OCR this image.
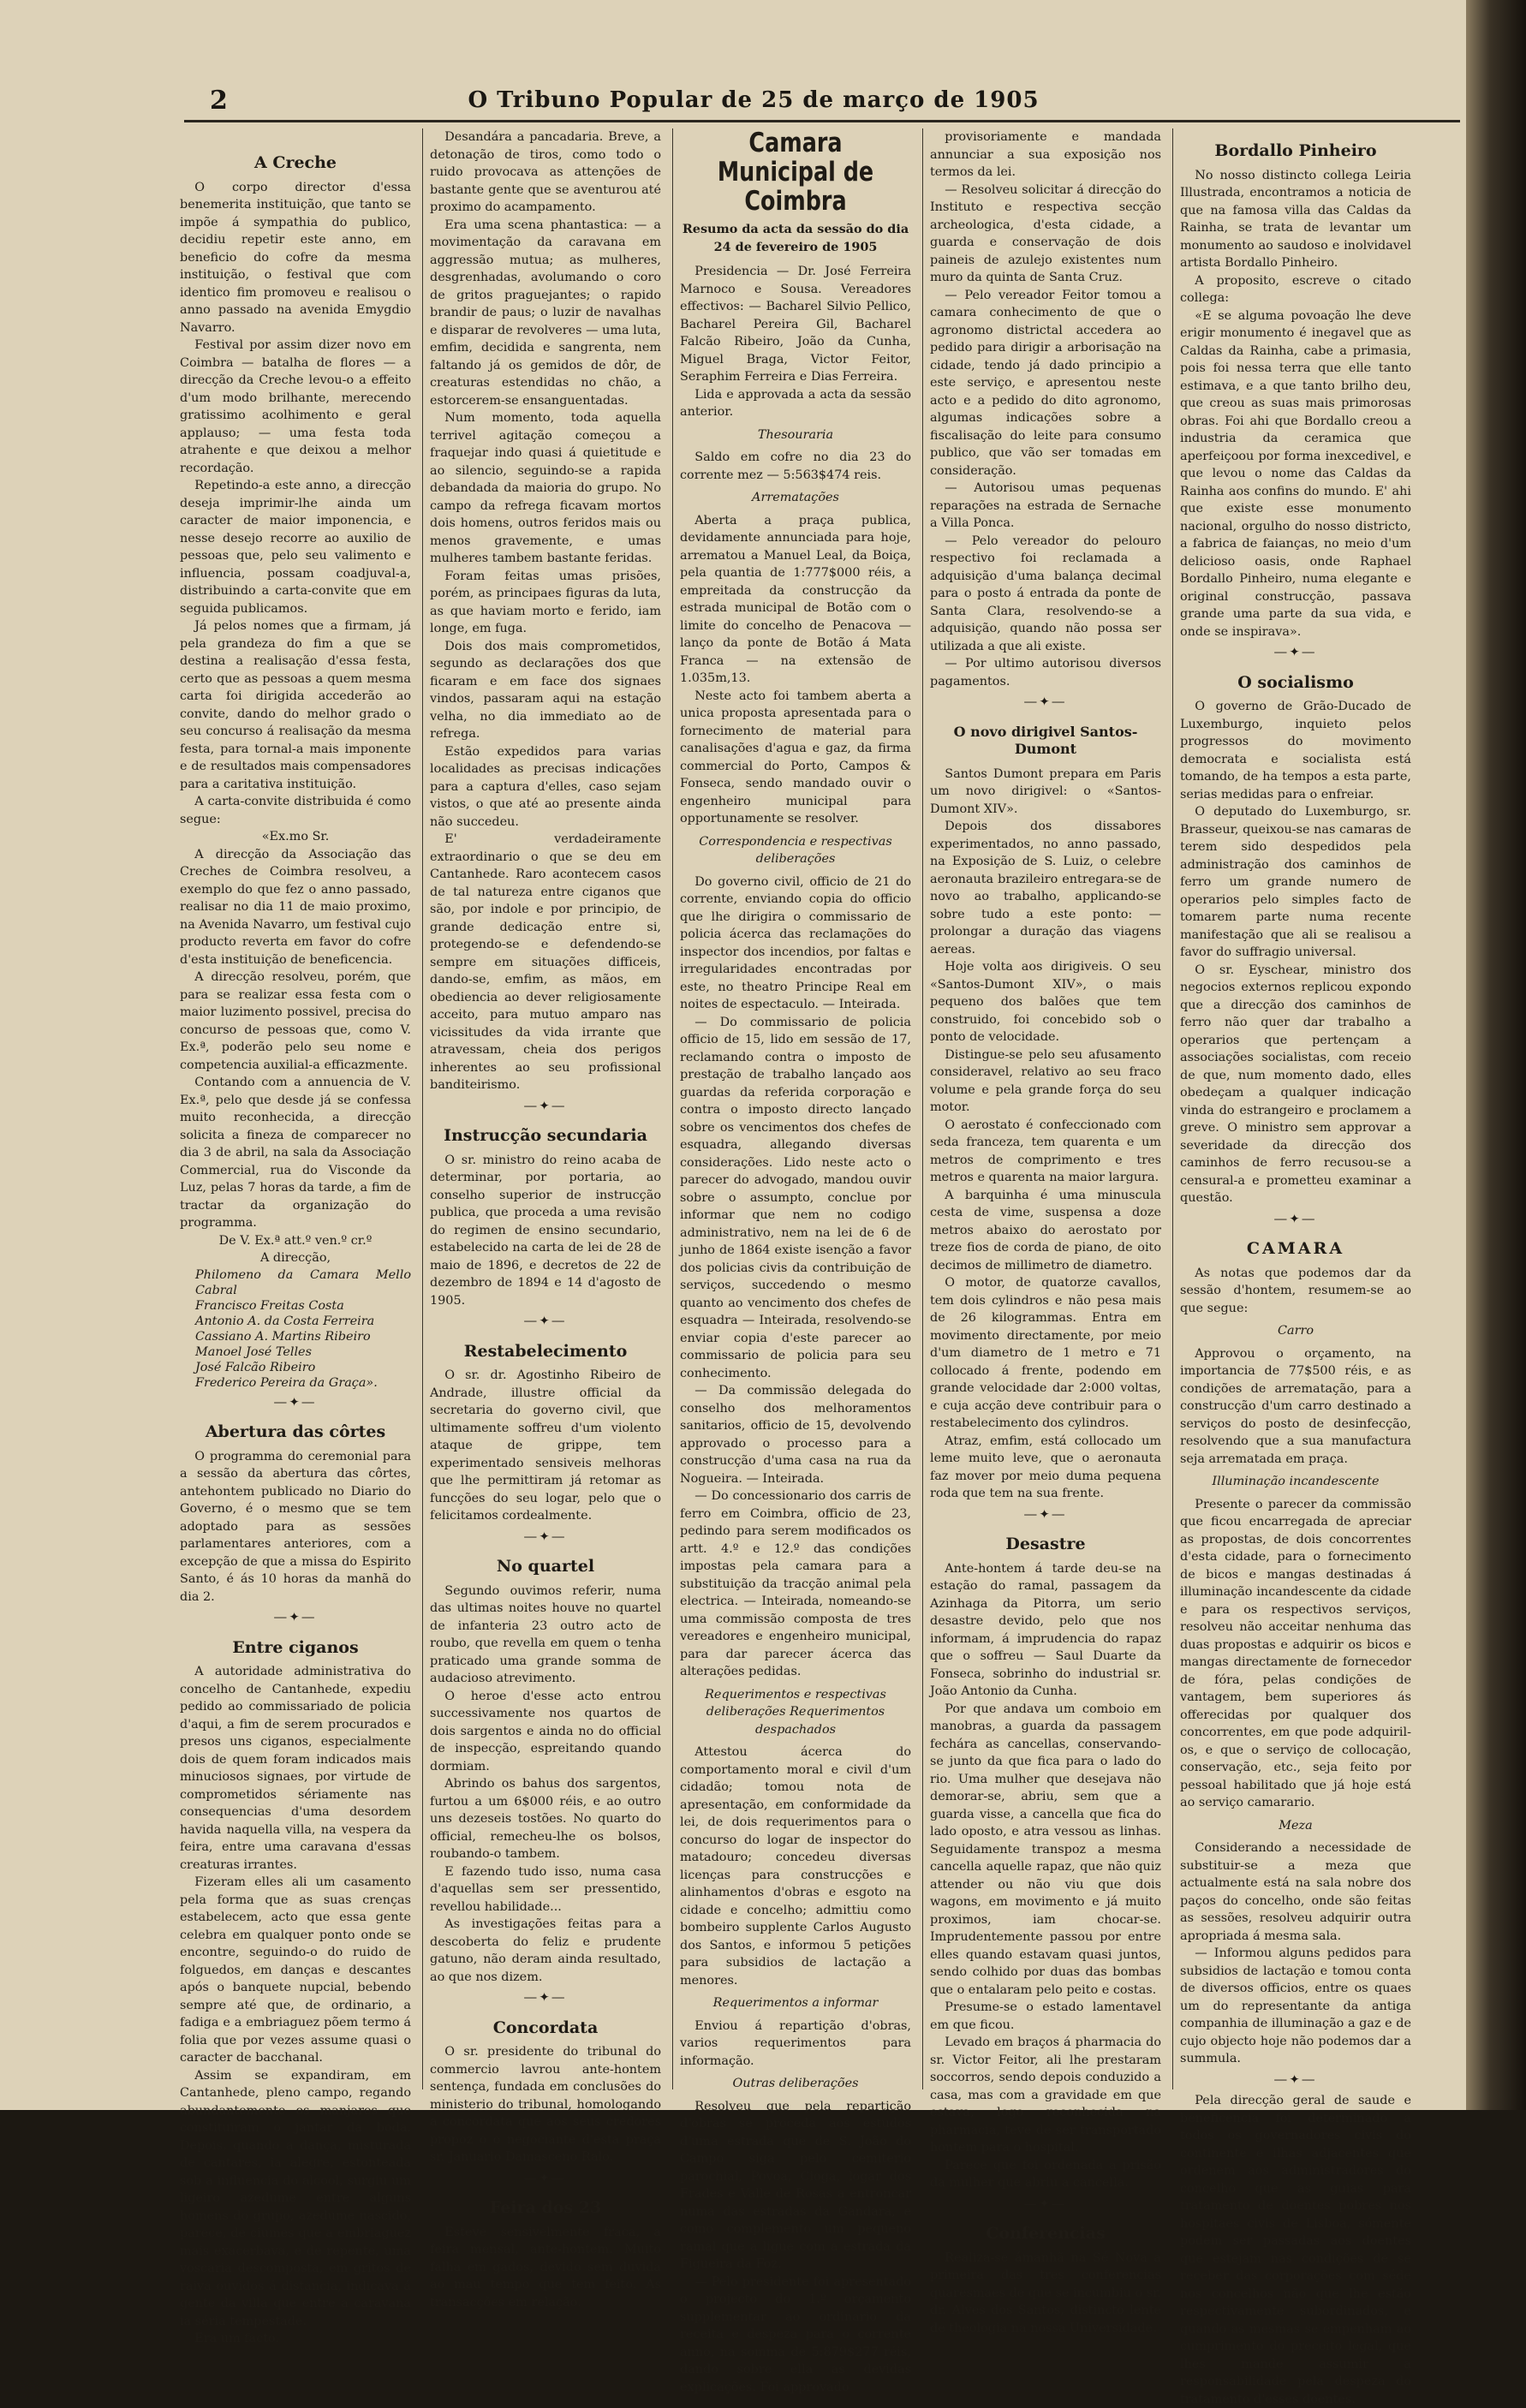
2	O Tribuno Popular de 25 de março de 1905
A Creche

O corpo director d'essa benemerita instituição, que tanto se impõe á sympathia do publico, decidiu repetir este anno, em beneficio do cofre da mesma instituição, o festival que com identico fim promoveu e realisou o anno passado na avenida Emygdio Navarro.

Festival por assim dizer novo em Coimbra — batalha de flores — a direcção da Creche levou-o a effeito d'um modo brilhante, merecendo gratissimo acolhimento e geral applauso; — uma festa toda atrahente e que deixou a melhor recordação.

Repetindo-a este anno, a direcção deseja imprimir-lhe ainda um caracter de maior imponencia, e nesse desejo recorre ao auxilio de pessoas que, pelo seu valimento e influencia, possam coadjuval-a, distribuindo a carta-convite que em seguida publicamos.

Já pelos nomes que a firmam, já pela grandeza do fim a que se destina a realisação d'essa festa, certo que as pessoas a quem mesma carta foi dirigida accederão ao convite, dando do melhor grado o seu concurso á realisação da mesma festa, para tornal-a mais imponente e de resultados mais compensadores para a caritativa instituição.

A carta-convite distribuida é como segue:

«Ex.mo Sr.

A direcção da Associação das Creches de Coimbra resolveu, a exemplo do que fez o anno passado, realisar no dia 11 de maio proximo, na Avenida Navarro, um festival cujo producto reverta em favor do cofre d'esta instituição de beneficencia.

A direcção resolveu, porém, que para se realizar essa festa com o maior luzimento possivel, precisa do concurso de pessoas que, como V. Ex.ª, poderão pelo seu nome e competencia auxilial-a efficazmente.

Contando com a annuencia de V. Ex.ª, pelo que desde já se confessa muito reconhecida, a direcção solicita a fineza de comparecer no dia 3 de abril, na sala da Associação Commercial, rua do Visconde da Luz, pelas 7 horas da tarde, a fim de tractar da organização do programma.

De V. Ex.ª att.º ven.º cr.º
A direcção,
Philomeno da Camara Mello Cabral
Francisco Freitas Costa
Antonio A. da Costa Ferreira
Cassiano A. Martins Ribeiro
Manoel José Telles
José Falcão Ribeiro
Frederico Pereira da Graça».
―✦―
Abertura das côrtes

O programma do ceremonial para a sessão da abertura das côrtes, antehontem publicado no Diario do Governo, é o mesmo que se tem adoptado para as sessões parlamentares anteriores, com a excepção de que a missa do Espirito Santo, é ás 10 horas da manhã do dia 2.

―✦―
Entre ciganos

A autoridade administrativa do concelho de Cantanhede, expediu pedido ao commissariado de policia d'aqui, a fim de serem procurados e presos uns ciganos, especialmente dois de quem foram indicados mais minuciosos signaes, por virtude de comprometidos sériamente nas consequencias d'uma desordem havida naquella villa, na vespera da feira, entre uma caravana d'essas creaturas irrantes.

Fizeram elles ali um casamento pela forma que as suas crenças estabelecem, acto que essa gente celebra em qualquer ponto onde se encontre, seguindo-o do ruido de folguedos, em danças e descantes após o banquete nupcial, bebendo sempre até que, de ordinario, a fadiga e a embriaguez põem termo á folia que por vezes assume quasi o caracter de bacchanal.

Assim se expandiram, em Cantanhede, pleno campo, regando abundantemente os manjares que constituiram o jantar da boda. Depois, quando a dança, misturada de cantares, ia alegre, estonteada sob a influencia do alcool, surgiu um ligeiro azedume entre alguns homens do grupo, azedume nascido, parece, de ciumes que a embriaguez mais exacerbava, e de repente, uma voscaria descomposta, em gritos de raiva ouvidos á distancia, indicava á gente da villa que entre a caravana ia séria tempestade.

Era um facto.

Desandára a pancadaria. Breve, a detonação de tiros, como todo o ruido provocava as attenções de bastante gente que se aventurou até proximo do acampamento.

Era uma scena phantastica: — a movimentação da caravana em aggressão mutua; as mulheres, desgrenhadas, avolumando o coro de gritos praguejantes; o rapido brandir de paus; o luzir de navalhas e disparar de revolveres — uma luta, emfim, decidida e sangrenta, nem faltando já os gemidos de dôr, de creaturas estendidas no chão, a estorcerem-se ensanguentadas.

Num momento, toda aquella terrivel agitação começou a fraquejar indo quasi á quietitude e ao silencio, seguindo-se a rapida debandada da maioria do grupo. No campo da refrega ficavam mortos dois homens, outros feridos mais ou menos gravemente, e umas mulheres tambem bastante feridas.

Foram feitas umas prisões, porém, as principaes figuras da luta, as que haviam morto e ferido, iam longe, em fuga.

Dois dos mais comprometidos, segundo as declarações dos que ficaram e em face dos signaes vindos, passaram aqui na estação velha, no dia immediato ao de refrega.

Estão expedidos para varias localidades as precisas indicações para a captura d'elles, caso sejam vistos, o que até ao presente ainda não succedeu.

E' verdadeiramente extraordinario o que se deu em Cantanhede. Raro acontecem casos de tal natureza entre ciganos que são, por indole e por principio, de grande dedicação entre si, protegendo-se e defendendo-se sempre em situações difficeis, dando-se, emfim, as mãos, em obediencia ao dever religiosamente acceito, para mutuo amparo nas vicissitudes da vida irrante que atravessam, cheia dos perigos inherentes ao seu profissional banditeirismo.

―✦―
Instrucção secundaria

O sr. ministro do reino acaba de determinar, por portaria, ao conselho superior de instrucção publica, que proceda a uma revisão do regimen de ensino secundario, estabelecido na carta de lei de 28 de maio de 1896, e decretos de 22 de dezembro de 1894 e 14 d'agosto de 1905.

―✦―
Restabelecimento

O sr. dr. Agostinho Ribeiro de Andrade, illustre official da secretaria do governo civil, que ultimamente soffreu d'um violento ataque de grippe, tem experimentado sensiveis melhoras que lhe permittiram já retomar as funcções do seu logar, pelo que o felicitamos cordealmente.

―✦―
No quartel

Segundo ouvimos referir, numa das ultimas noites houve no quartel de infanteria 23 outro acto de roubo, que revella em quem o tenha praticado uma grande somma de audacioso atrevimento.

O heroe d'esse acto entrou successivamente nos quartos de dois sargentos e ainda no do official de inspecção, espreitando quando dormiam.

Abrindo os bahus dos sargentos, furtou a um 6$000 réis, e ao outro uns dezeseis tostões. No quarto do official, remecheu-lhe os bolsos, roubando-o tambem.

E fazendo tudo isso, numa casa d'aquellas sem ser pressentido, revellou habilidade...

As investigações feitas para a descoberta do feliz e prudente gatuno, não deram ainda resultado, ao que nos dizem.

―✦―
Concordata

O sr. presidente do tribunal do commercio lavrou ante-hontem sentença, fundada em conclusões do ministerio do tribunal, homologando a concordata que aos seus credores propoz o o negociante d'esta praça sr. Januario Damasceno Ralo.

―✦―
Feira dos 23

Esteve sensivelmente fraca, a feira mensal, ante-hontem. Muito falha em gados, devido sem duvida ao mau tempo que tem feito. As transacções em relação.

Camara Municipal de Coimbra
Resumo da acta da sessão do dia 24 de fevereiro de 1905

Presidencia — Dr. José Ferreira Marnoco e Sousa. Vereadores effectivos: — Bacharel Silvio Pellico, Bacharel Pereira Gil, Bacharel Falcão Ribeiro, João da Cunha, Miguel Braga, Victor Feitor, Seraphim Ferreira e Dias Ferreira.

Lida e approvada a acta da sessão anterior.

Thesouraria

Saldo em cofre no dia 23 do corrente mez — 5:563$474 reis.

Arrematações

Aberta a praça publica, devidamente annunciada para hoje, arrematou a Manuel Leal, da Boiça, pela quantia de 1:777$000 réis, a empreitada da construcção da estrada municipal de Botão com o limite do concelho de Penacova — lanço da ponte de Botão á Mata Franca — na extensão de 1.035m,13.

Neste acto foi tambem aberta a unica proposta apresentada para o fornecimento de material para canalisações d'agua e gaz, da firma commercial do Porto, Campos & Fonseca, sendo mandado ouvir o engenheiro municipal para opportunamente se resolver.

Correspondencia e respectivas deliberações

Do governo civil, officio de 21 do corrente, enviando copia do officio que lhe dirigira o commissario de policia ácerca das reclamações do inspector dos incendios, por faltas e irregularidades encontradas por este, no theatro Principe Real em noites de espectaculo. — Inteirada.

— Do commissario de policia officio de 15, lido em sessão de 17, reclamando contra o imposto de prestação de trabalho lançado aos guardas da referida corporação e contra o imposto directo lançado sobre os vencimentos dos chefes de esquadra, allegando diversas considerações. Lido neste acto o parecer do advogado, mandou ouvir sobre o assumpto, conclue por informar que nem no codigo administrativo, nem na lei de 6 de junho de 1864 existe isenção a favor dos policias civis da contribuição de serviços, succedendo o mesmo quanto ao vencimento dos chefes de esquadra — Inteirada, resolvendo-se enviar copia d'este parecer ao commissario de policia para seu conhecimento.

— Da commissão delegada do conselho dos melhoramentos sanitarios, officio de 15, devolvendo approvado o processo para a construcção d'uma casa na rua da Nogueira. — Inteirada.

— Do concessionario dos carris de ferro em Coimbra, officio de 23, pedindo para serem modificados os artt. 4.º e 12.º das condições impostas pela camara para a substituição da tracção animal pela electrica. — Inteirada, nomeando-se uma commissão composta de tres vereadores e engenheiro municipal, para dar parecer ácerca das alterações pedidas.

Requerimentos e respectivas deliberações Requerimentos despachados

Attestou ácerca do comportamento moral e civil d'um cidadão; tomou nota de apresentação, em conformidade da lei, de dois requerimentos para o concurso do logar de inspector do matadouro; concedeu diversas licenças para construcções e alinhamentos d'obras e esgoto na cidade e concelho; admittiu como bombeiro supplente Carlos Augusto dos Santos, e informou 5 petições para subsidios de lactação a menores.

Requerimentos a informar

Enviou á repartição d'obras, varios requerimentos para informação.

Outras deliberações

Resolveu que pela repartição d'obras se proceda aos estudos d'uma estrada que de S. João do Campo siga pelo cemiterio parochial, Povoa, Cioga, logar dos Frades e Valle de Rosas a entroncar numa das estradas da Gandara, e como complemento um pequeno ramal que a ligue com a estrada da Figueira da Foz.

— Pelo presidente foi apresentado o projecto do 1.º orçamento supplementar ao ordinario da receita e despeza para o corrente anno, na somma de 5:879$277 réis, dando sobre ella as devidas explicações. Foi approvado

provisoriamente e mandada annunciar a sua exposição nos termos da lei.

— Resolveu solicitar á direcção do Instituto e respectiva secção archeologica, d'esta cidade, a guarda e conservação de dois paineis de azulejo existentes num muro da quinta de Santa Cruz.

— Pelo vereador Feitor tomou a camara conhecimento de que o agronomo districtal accedera ao pedido para dirigir a arborisação na cidade, tendo já dado principio a este serviço, e apresentou neste acto e a pedido do dito agronomo, algumas indicações sobre a fiscalisação do leite para consumo publico, que vão ser tomadas em consideração.

— Autorisou umas pequenas reparações na estrada de Sernache a Villa Ponca.

— Pelo vereador do pelouro respectivo foi reclamada a adquisição d'uma balança decimal para o posto á entrada da ponte de Santa Clara, resolvendo-se a adquisição, quando não possa ser utilizada a que ali existe.

— Por ultimo autorisou diversos pagamentos.

―✦―
O novo dirigivel Santos-Dumont

Santos Dumont prepara em Paris um novo dirigivel: o «Santos-Dumont XIV».

Depois dos dissabores experimentados, no anno passado, na Exposição de S. Luiz, o celebre aeronauta brazileiro entregara-se de novo ao trabalho, applicando-se sobre tudo a este ponto: — prolongar a duração das viagens aereas.

Hoje volta aos dirigiveis. O seu «Santos-Dumont XIV», o mais pequeno dos balões que tem construido, foi concebido sob o ponto de velocidade.

Distingue-se pelo seu afusamento consideravel, relativo ao seu fraco volume e pela grande força do seu motor.

O aerostato é confeccionado com seda franceza, tem quarenta e um metros de comprimento e tres metros e quarenta na maior largura.

A barquinha é uma minuscula cesta de vime, suspensa a doze metros abaixo do aerostato por treze fios de corda de piano, de oito decimos de millimetro de diametro.

O motor, de quatorze cavallos, tem dois cylindros e não pesa mais de 26 kilogrammas. Entra em movimento directamente, por meio d'um diametro de 1 metro e 71 collocado á frente, podendo em grande velocidade dar 2:000 voltas, e cuja acção deve contribuir para o restabelecimento dos cylindros.

Atraz, emfim, está collocado um leme muito leve, que o aeronauta faz mover por meio duma pequena roda que tem na sua frente.

―✦―
Desastre

Ante-hontem á tarde deu-se na estação do ramal, passagem da Azinhaga da Pitorra, um serio desastre devido, pelo que nos informam, á imprudencia do rapaz que o soffreu — Saul Duarte da Fonseca, sobrinho do industrial sr. João Antonio da Cunha.

Por que andava um comboio em manobras, a guarda da passagem fechára as cancellas, conservando-se junto da que fica para o lado do rio. Uma mulher que desejava não demorar-se, abriu, sem que a guarda visse, a cancella que fica do lado oposto, e atra vessou as linhas. Seguidamente transpoz a mesma cancella aquelle rapaz, que não quiz attender ou não viu que dois wagons, em movimento e já muito proximos, iam chocar-se. Imprudentemente passou por entre elles quando estavam quasi juntos, sendo colhido por duas das bombas que o entalaram pelo peito e costas.

Presume-se o estado lamentavel em que ficou.

Levado em braços á pharmacia do sr. Victor Feitor, ali lhe prestaram soccorros, sendo depois conduzido a casa, mas com a gravidade em que estava, logo reconhecida na pharmacia, teve de ser transportado hontem para o hospital.

Parece que foi ordenada a prisão da mulher que abriu a cancella.

―✦―
Conferencias

Realiza-se ámanhã na Sé Nova a primeira das tres conferencias quaresmaes de que se incumbiu o sr. dr. Alves dos Santos, distincto lente de theologia na nossa Universidade.

Bordallo Pinheiro

No nosso distincto collega Leiria Illustrada, encontramos a noticia de que na famosa villa das Caldas da Rainha, se trata de levantar um monumento ao saudoso e inolvidavel artista Bordallo Pinheiro.

A proposito, escreve o citado collega:

«E se alguma povoação lhe deve erigir monumento é inegavel que as Caldas da Rainha, cabe a primasia, pois foi nessa terra que elle tanto estimava, e a que tanto brilho deu, que creou as suas mais primorosas obras. Foi ahi que Bordallo creou a industria da ceramica que aperfeiçoou por forma inexcedivel, e que levou o nome das Caldas da Rainha aos confins do mundo. E' ahi que existe esse monumento nacional, orgulho do nosso districto, a fabrica de faianças, no meio d'um delicioso oasis, onde Raphael Bordallo Pinheiro, numa elegante e original construcção, passava grande uma parte da sua vida, e onde se inspirava».

―✦―
O socialismo

O governo de Grão-Ducado de Luxemburgo, inquieto pelos progressos do movimento democrata e socialista está tomando, de ha tempos a esta parte, serias medidas para o enfreiar.

O deputado do Luxemburgo, sr. Brasseur, queixou-se nas camaras de terem sido despedidos pela administração dos caminhos de ferro um grande numero de operarios pelo simples facto de tomarem parte numa recente manifestação que ali se realisou a favor do suffragio universal.

O sr. Eyschear, ministro dos negocios externos replicou expondo que a direcção dos caminhos de ferro não quer dar trabalho a operarios que pertençam a associações socialistas, com receio de que, num momento dado, elles obedeçam a qualquer indicação vinda do estrangeiro e proclamem a greve. O ministro sem approvar a severidade da direcção dos caminhos de ferro recusou-se a censural-a e prometteu examinar a questão.

―✦―
CAMARA

As notas que podemos dar da sessão d'hontem, resumem-se ao que segue:

Carro

Approvou o orçamento, na importancia de 77$500 réis, e as condições de arrematação, para a construcção d'um carro destinado a serviços do posto de desinfecção, resolvendo que a sua manufactura seja arrematada em praça.

Illuminação incandescente

Presente o parecer da commissão que ficou encarregada de apreciar as propostas, de dois concorrentes d'esta cidade, para o fornecimento de bicos e mangas destinadas á illuminação incandescente da cidade e para os respectivos serviços, resolveu não acceitar nenhuma das duas propostas e adquirir os bicos e mangas directamente de fornecedor de fóra, pelas condições de vantagem, bem superiores ás offerecidas por qualquer dos concorrentes, em que pode adquiril-os, e que o serviço de collocação, conservação, etc., seja feito por pessoal habilitado que já hoje está ao serviço camarario.

Meza

Considerando a necessidade de substituir-se a meza que actualmente está na sala nobre dos paços do concelho, onde são feitas as sessões, resolveu adquirir outra apropriada á mesma sala.

— Informou alguns pedidos para subsidios de lactação e tomou conta de diversos officios, entre os quaes um do representante da antiga companhia de illuminação a gaz e de cujo objecto hoje não podemos dar a summula.

―✦―

Pela direcção geral de saude e beneficencia foi determinado a todos os governadores civis do continente e ilhas adjacentes que ordenem aos administradores do concelho que as guias para tratamento de doentes pobres nos hospitaes civis de Lisboa, sómente podem ser passadas aos doentes que estejam nas condições de se receber das corporações com séde nos concelhos não que lhe estão respectivamente subordinados, e quando as mesmas se empenham ao cumprimento do preceito legal, que lhes mande assumir a responsabilidade pela despeza do tratamento d'esses doentes.
